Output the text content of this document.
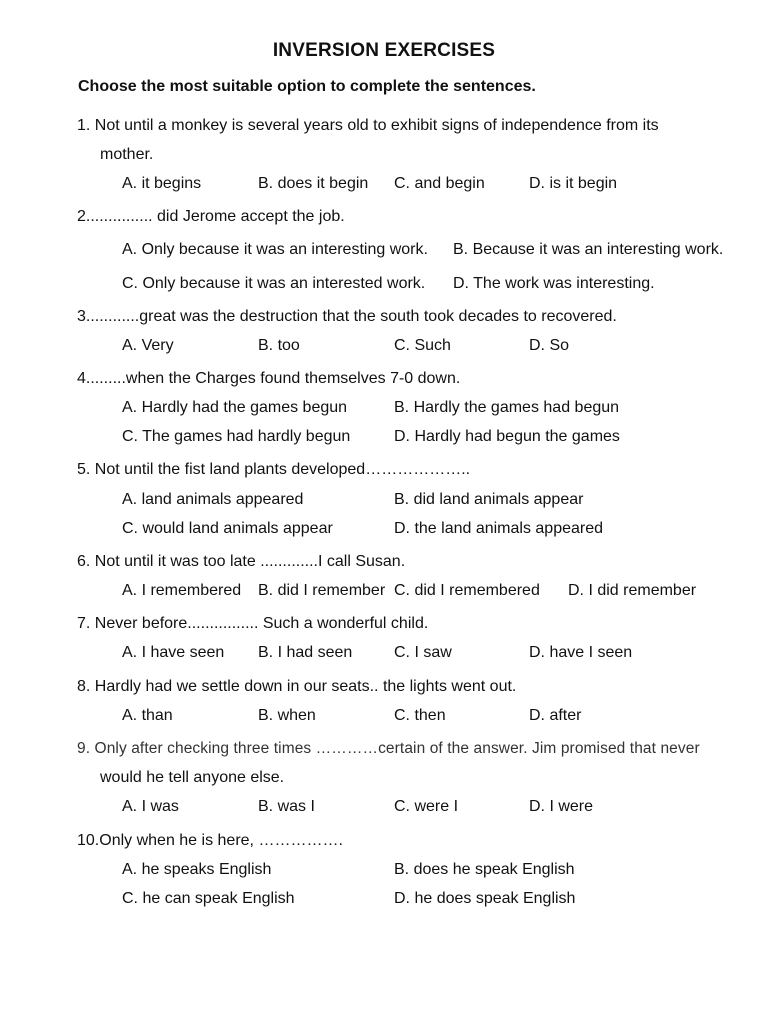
INVERSION EXERCISES
Choose the most suitable option to complete the sentences.
1. Not until a monkey is several years old to exhibit signs of independence from its
mother.
A. it begins	B. does it begin C. and begin	D. is it begin
2............... did Jerome accept the job.
A. Only because it was an interesting work. B. Because it was an interesting work.
C. Only because it was an interested work. D. The work was interesting.
3............great was the destruction that the south took decades to recovered.
A. Very	B. too	C. Such	D. So
4.........when the Charges found themselves 7-0 down.
A. Hardly had the games begun	B. Hardly the games had begun
C. The games had hardly begun	D. Hardly had begun the games
5. Not until the fist land plants developed………………..
A. land animals appeared	B. did land animals appear
C. would land animals appear	D. the land animals appeared
6. Not until it was too late .............I call Susan.
A. I remembered B. did I remember C. did I remembered D. I did remember
7. Never before................ Such a wonderful child.
A. I have seen B. I had seen	C. I saw	D. have I seen
8. Hardly had we settle down in our seats.. the lights went out.
A. than	B. when	C. then	D. after
9. Only after checking three times …………certain of the answer. Jim promised that never
would he tell anyone else.
A. I was	B. was I	C. were I	D. I were
10.Only when he is here, …………….
A. he speaks English	B. does he speak English
C. he can speak English	D. he does speak English
